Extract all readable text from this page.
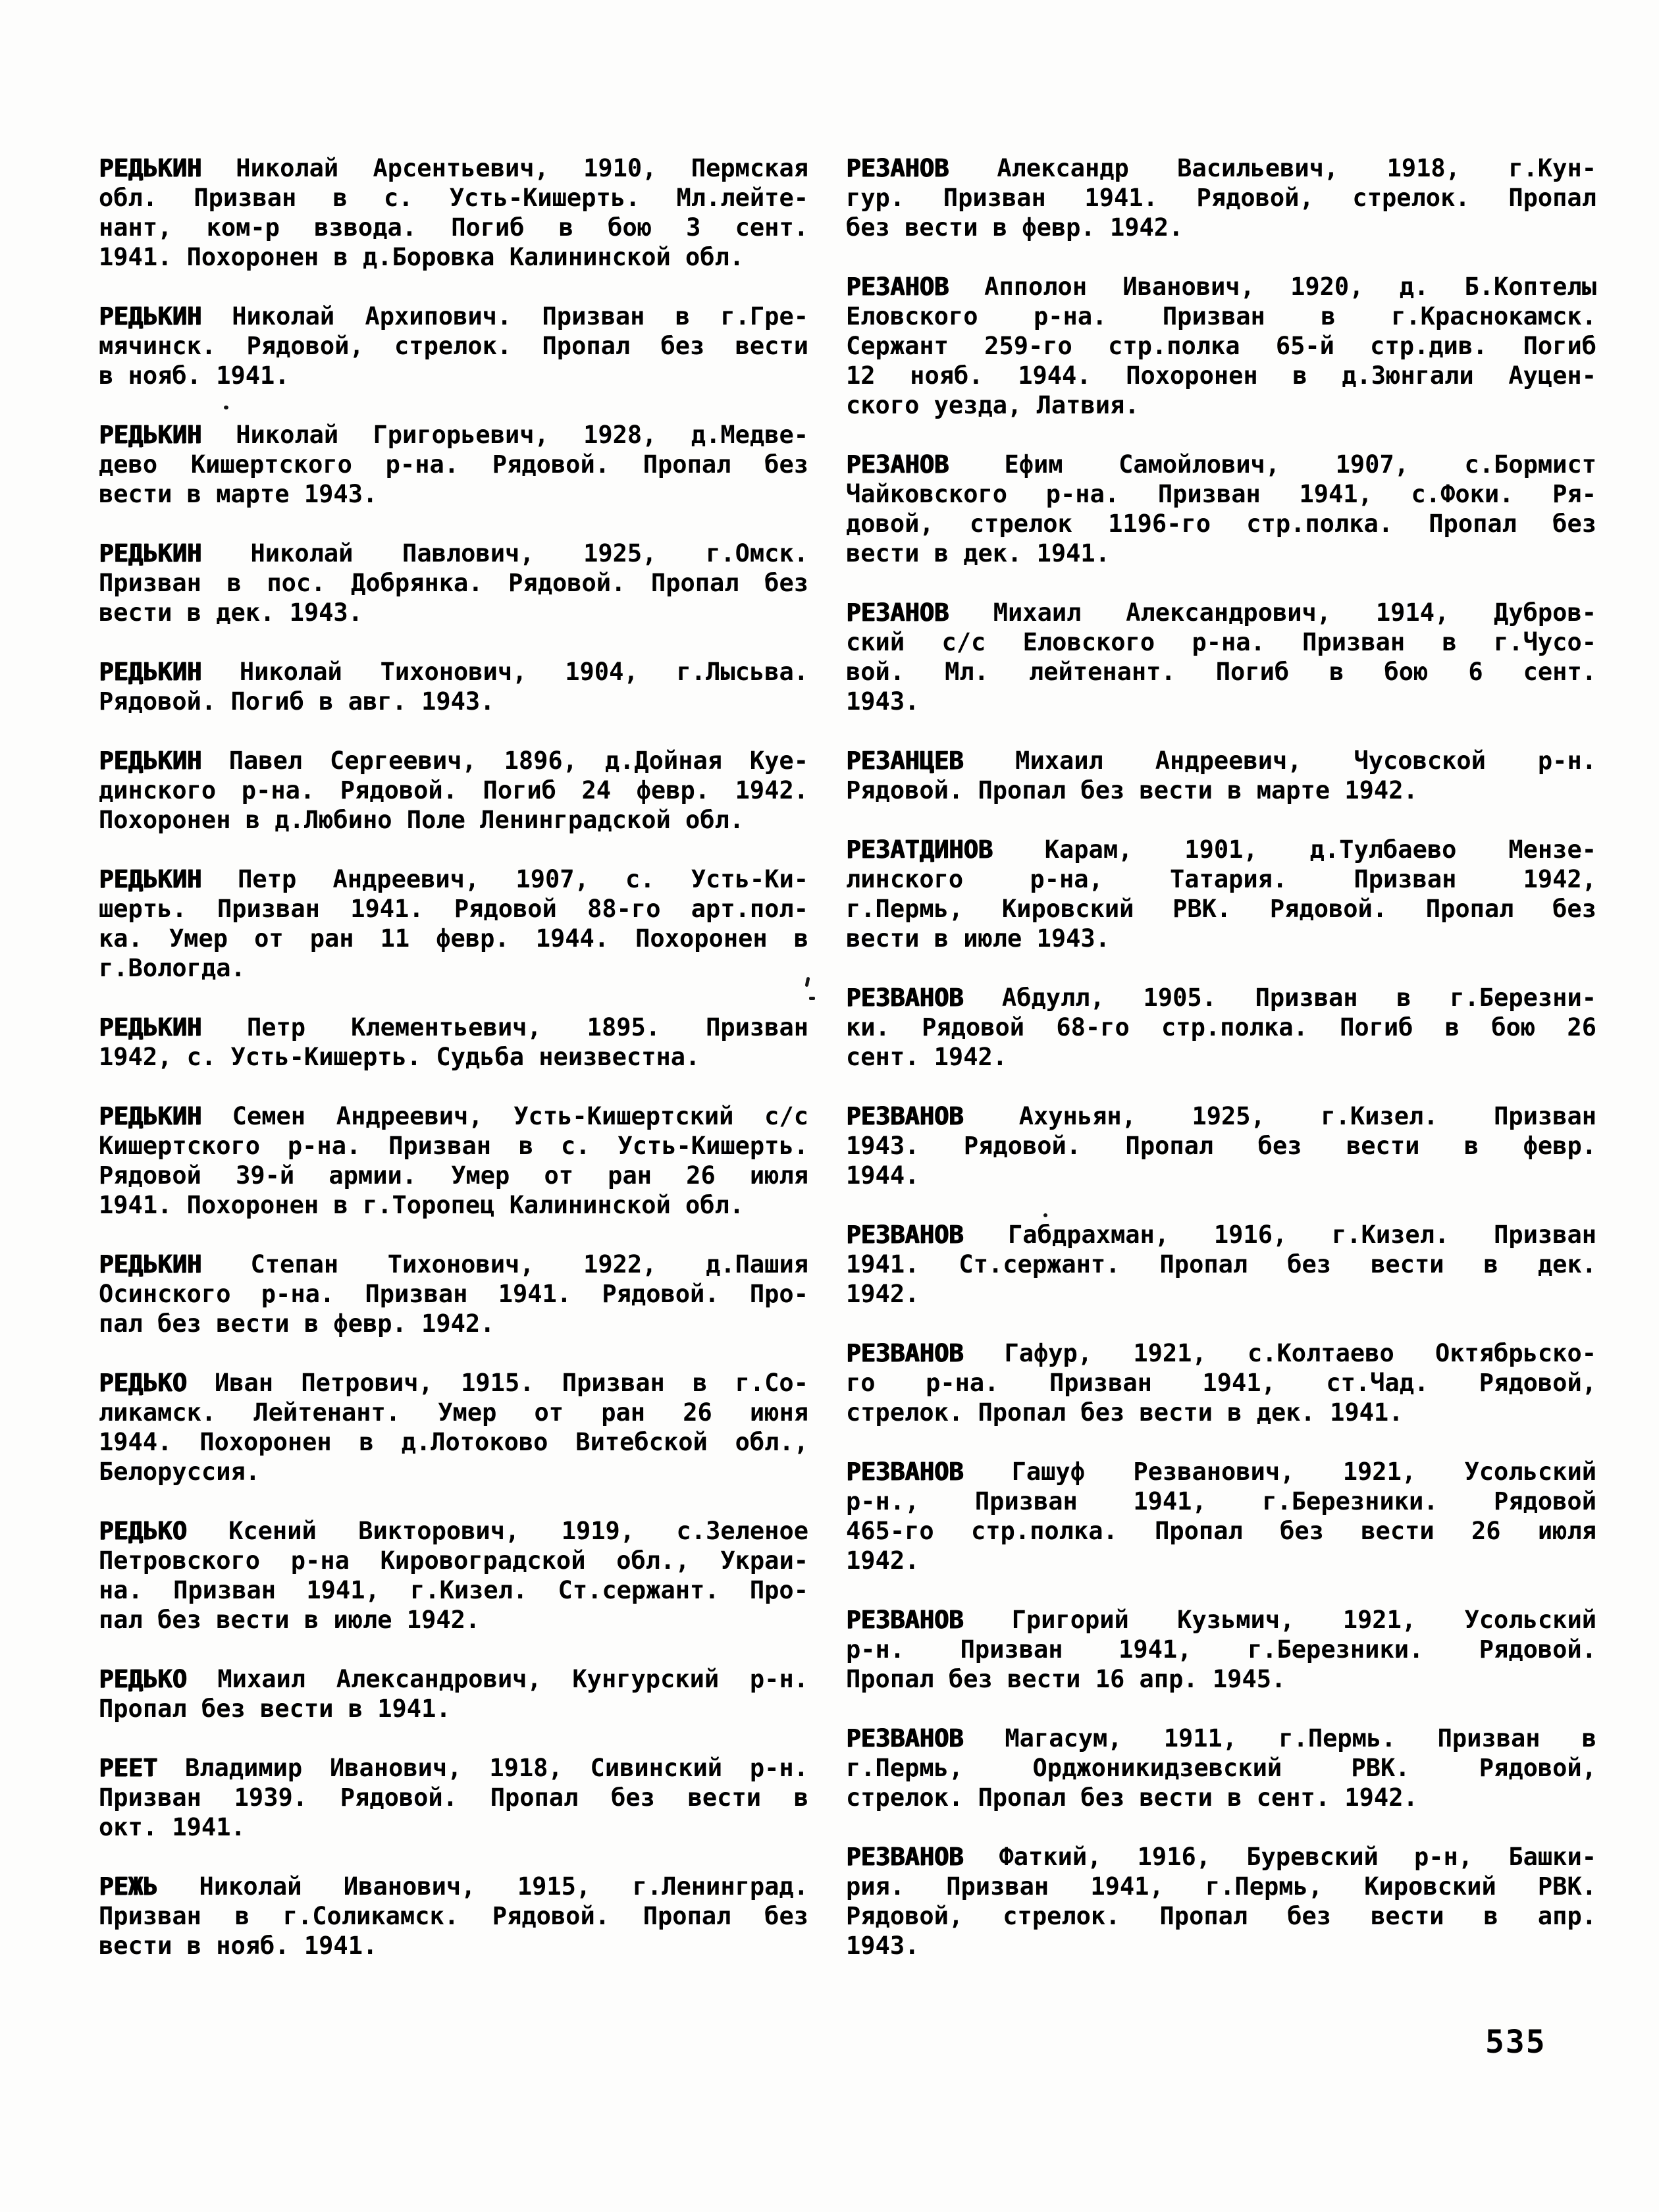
РЕДЬКИН Николай Арсентьевич, 1910, Пермская
обл. Призван в с. Усть-Кишерть. Мл.лейте-
нант, ком-р взвода. Погиб в бою 3 сент.
1941. Похоронен в д.Боровка Калининской обл.
РЕДЬКИН Николай Архипович. Призван в г.Гре-
мячинск. Рядовой, стрелок. Пропал без вести
в нояб. 1941.
РЕДЬКИН Николай Григорьевич, 1928, д.Медве-
дево Кишертского р-на. Рядовой. Пропал без
вести в марте 1943.
РЕДЬКИН Николай Павлович, 1925, г.Омск.
Призван в пос. Добрянка. Рядовой. Пропал без
вести в дек. 1943.
РЕДЬКИН Николай Тихонович, 1904, г.Лысьва.
Рядовой. Погиб в авг. 1943.
РЕДЬКИН Павел Сергеевич, 1896, д.Дойная Куе-
динского р-на. Рядовой. Погиб 24 февр. 1942.
Похоронен в д.Любино Поле Ленинградской обл.
РЕДЬКИН Петр Андреевич, 1907, с. Усть-Ки-
шерть. Призван 1941. Рядовой 88-го арт.пол-
ка. Умер от ран 11 февр. 1944. Похоронен в
г.Вологда.
РЕДЬКИН Петр Клементьевич, 1895. Призван
1942, с. Усть-Кишерть. Судьба неизвестна.
РЕДЬКИН Семен Андреевич, Усть-Кишертский с/с
Кишертского р-на. Призван в с. Усть-Кишерть.
Рядовой 39-й армии. Умер от ран 26 июля
1941. Похоронен в г.Торопец Калининской обл.
РЕДЬКИН Степан Тихонович, 1922, д.Пашия
Осинского р-на. Призван 1941. Рядовой. Про-
пал без вести в февр. 1942.
РЕДЬКО Иван Петрович, 1915. Призван в г.Со-
ликамск. Лейтенант. Умер от ран 26 июня
1944. Похоронен в д.Лотоково Витебской обл.,
Белоруссия.
РЕДЬКО Ксений Викторович, 1919, с.Зеленое
Петровского р-на Кировоградской обл., Украи-
на. Призван 1941, г.Кизел. Ст.сержант. Про-
пал без вести в июле 1942.
РЕДЬКО Михаил Александрович, Кунгурский р-н.
Пропал без вести в 1941.
РЕЕТ Владимир Иванович, 1918, Сивинский р-н.
Призван 1939. Рядовой. Пропал без вести в
окт. 1941.
РЕЖЬ Николай Иванович, 1915, г.Ленинград.
Призван в г.Соликамск. Рядовой. Пропал без
вести в нояб. 1941.
РЕЗАНОВ Александр Васильевич, 1918, г.Кун-
гур. Призван 1941. Рядовой, стрелок. Пропал
без вести в февр. 1942.
РЕЗАНОВ Апполон Иванович, 1920, д. Б.Коптелы
Еловского р-на. Призван в г.Краснокамск.
Сержант 259-го стр.полка 65-й стр.див. Погиб
12 нояб. 1944. Похоронен в д.Зюнгали Ауцен-
ского уезда, Латвия.
РЕЗАНОВ Ефим Самойлович, 1907, с.Бормист
Чайковского р-на. Призван 1941, с.Фоки. Ря-
довой, стрелок 1196-го стр.полка. Пропал без
вести в дек. 1941.
РЕЗАНОВ Михаил Александрович, 1914, Дубров-
ский с/с Еловского р-на. Призван в г.Чусо-
вой. Мл. лейтенант. Погиб в бою 6 сент.
1943.
РЕЗАНЦЕВ Михаил Андреевич, Чусовской р-н.
Рядовой. Пропал без вести в марте 1942.
РЕЗАТДИНОВ Карам, 1901, д.Тулбаево Мензе-
линского р-на, Татария. Призван 1942,
г.Пермь, Кировский РВК. Рядовой. Пропал без
вести в июле 1943.
РЕЗВАНОВ Абдулл, 1905. Призван в г.Березни-
ки. Рядовой 68-го стр.полка. Погиб в бою 26
сент. 1942.
РЕЗВАНОВ Ахуньян, 1925, г.Кизел. Призван
1943. Рядовой. Пропал без вести в февр.
1944.
РЕЗВАНОВ Габдрахман, 1916, г.Кизел. Призван
1941. Ст.сержант. Пропал без вести в дек.
1942.
РЕЗВАНОВ Гафур, 1921, с.Колтаево Октябрьско-
го р-на. Призван 1941, ст.Чад. Рядовой,
стрелок. Пропал без вести в дек. 1941.
РЕЗВАНОВ Гашуф Резванович, 1921, Усольский
р-н., Призван 1941, г.Березники. Рядовой
465-го стр.полка. Пропал без вести 26 июля
1942.
РЕЗВАНОВ Григорий Кузьмич, 1921, Усольский
р-н. Призван 1941, г.Березники. Рядовой.
Пропал без вести 16 апр. 1945.
РЕЗВАНОВ Магасум, 1911, г.Пермь. Призван в
г.Пермь, Орджоникидзевский РВК. Рядовой,
стрелок. Пропал без вести в сент. 1942.
РЕЗВАНОВ Фаткий, 1916, Буревский р-н, Башки-
рия. Призван 1941, г.Пермь, Кировский РВК.
Рядовой, стрелок. Пропал без вести в апр.
1943.
535
